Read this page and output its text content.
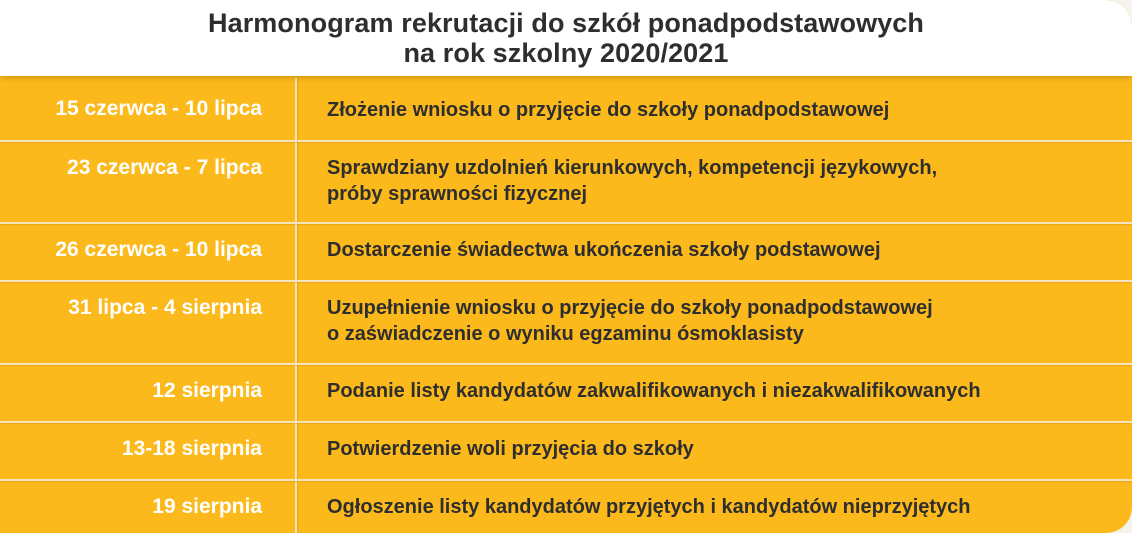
Harmonogram rekrutacji do szkół ponadpodstawowych
na rok szkolny 2020/2021
15 czerwca - 10 lipca	Złożenie wniosku o przyjęcie do szkoły ponadpodstawowej
23 czerwca - 7 lipca	Sprawdziany uzdolnień kierunkowych, kompetencji językowych,
próby sprawności fizycznej
26 czerwca - 10 lipca	Dostarczenie świadectwa ukończenia szkoły podstawowej
31 lipca - 4 sierpnia	Uzupełnienie wniosku o przyjęcie do szkoły ponadpodstawowej
o zaświadczenie o wyniku egzaminu ósmoklasisty
12 sierpnia	Podanie listy kandydatów zakwalifikowanych i niezakwalifikowanych
13-18 sierpnia	Potwierdzenie woli przyjęcia do szkoły
19 sierpnia	Ogłoszenie listy kandydatów przyjętych i kandydatów nieprzyjętych
